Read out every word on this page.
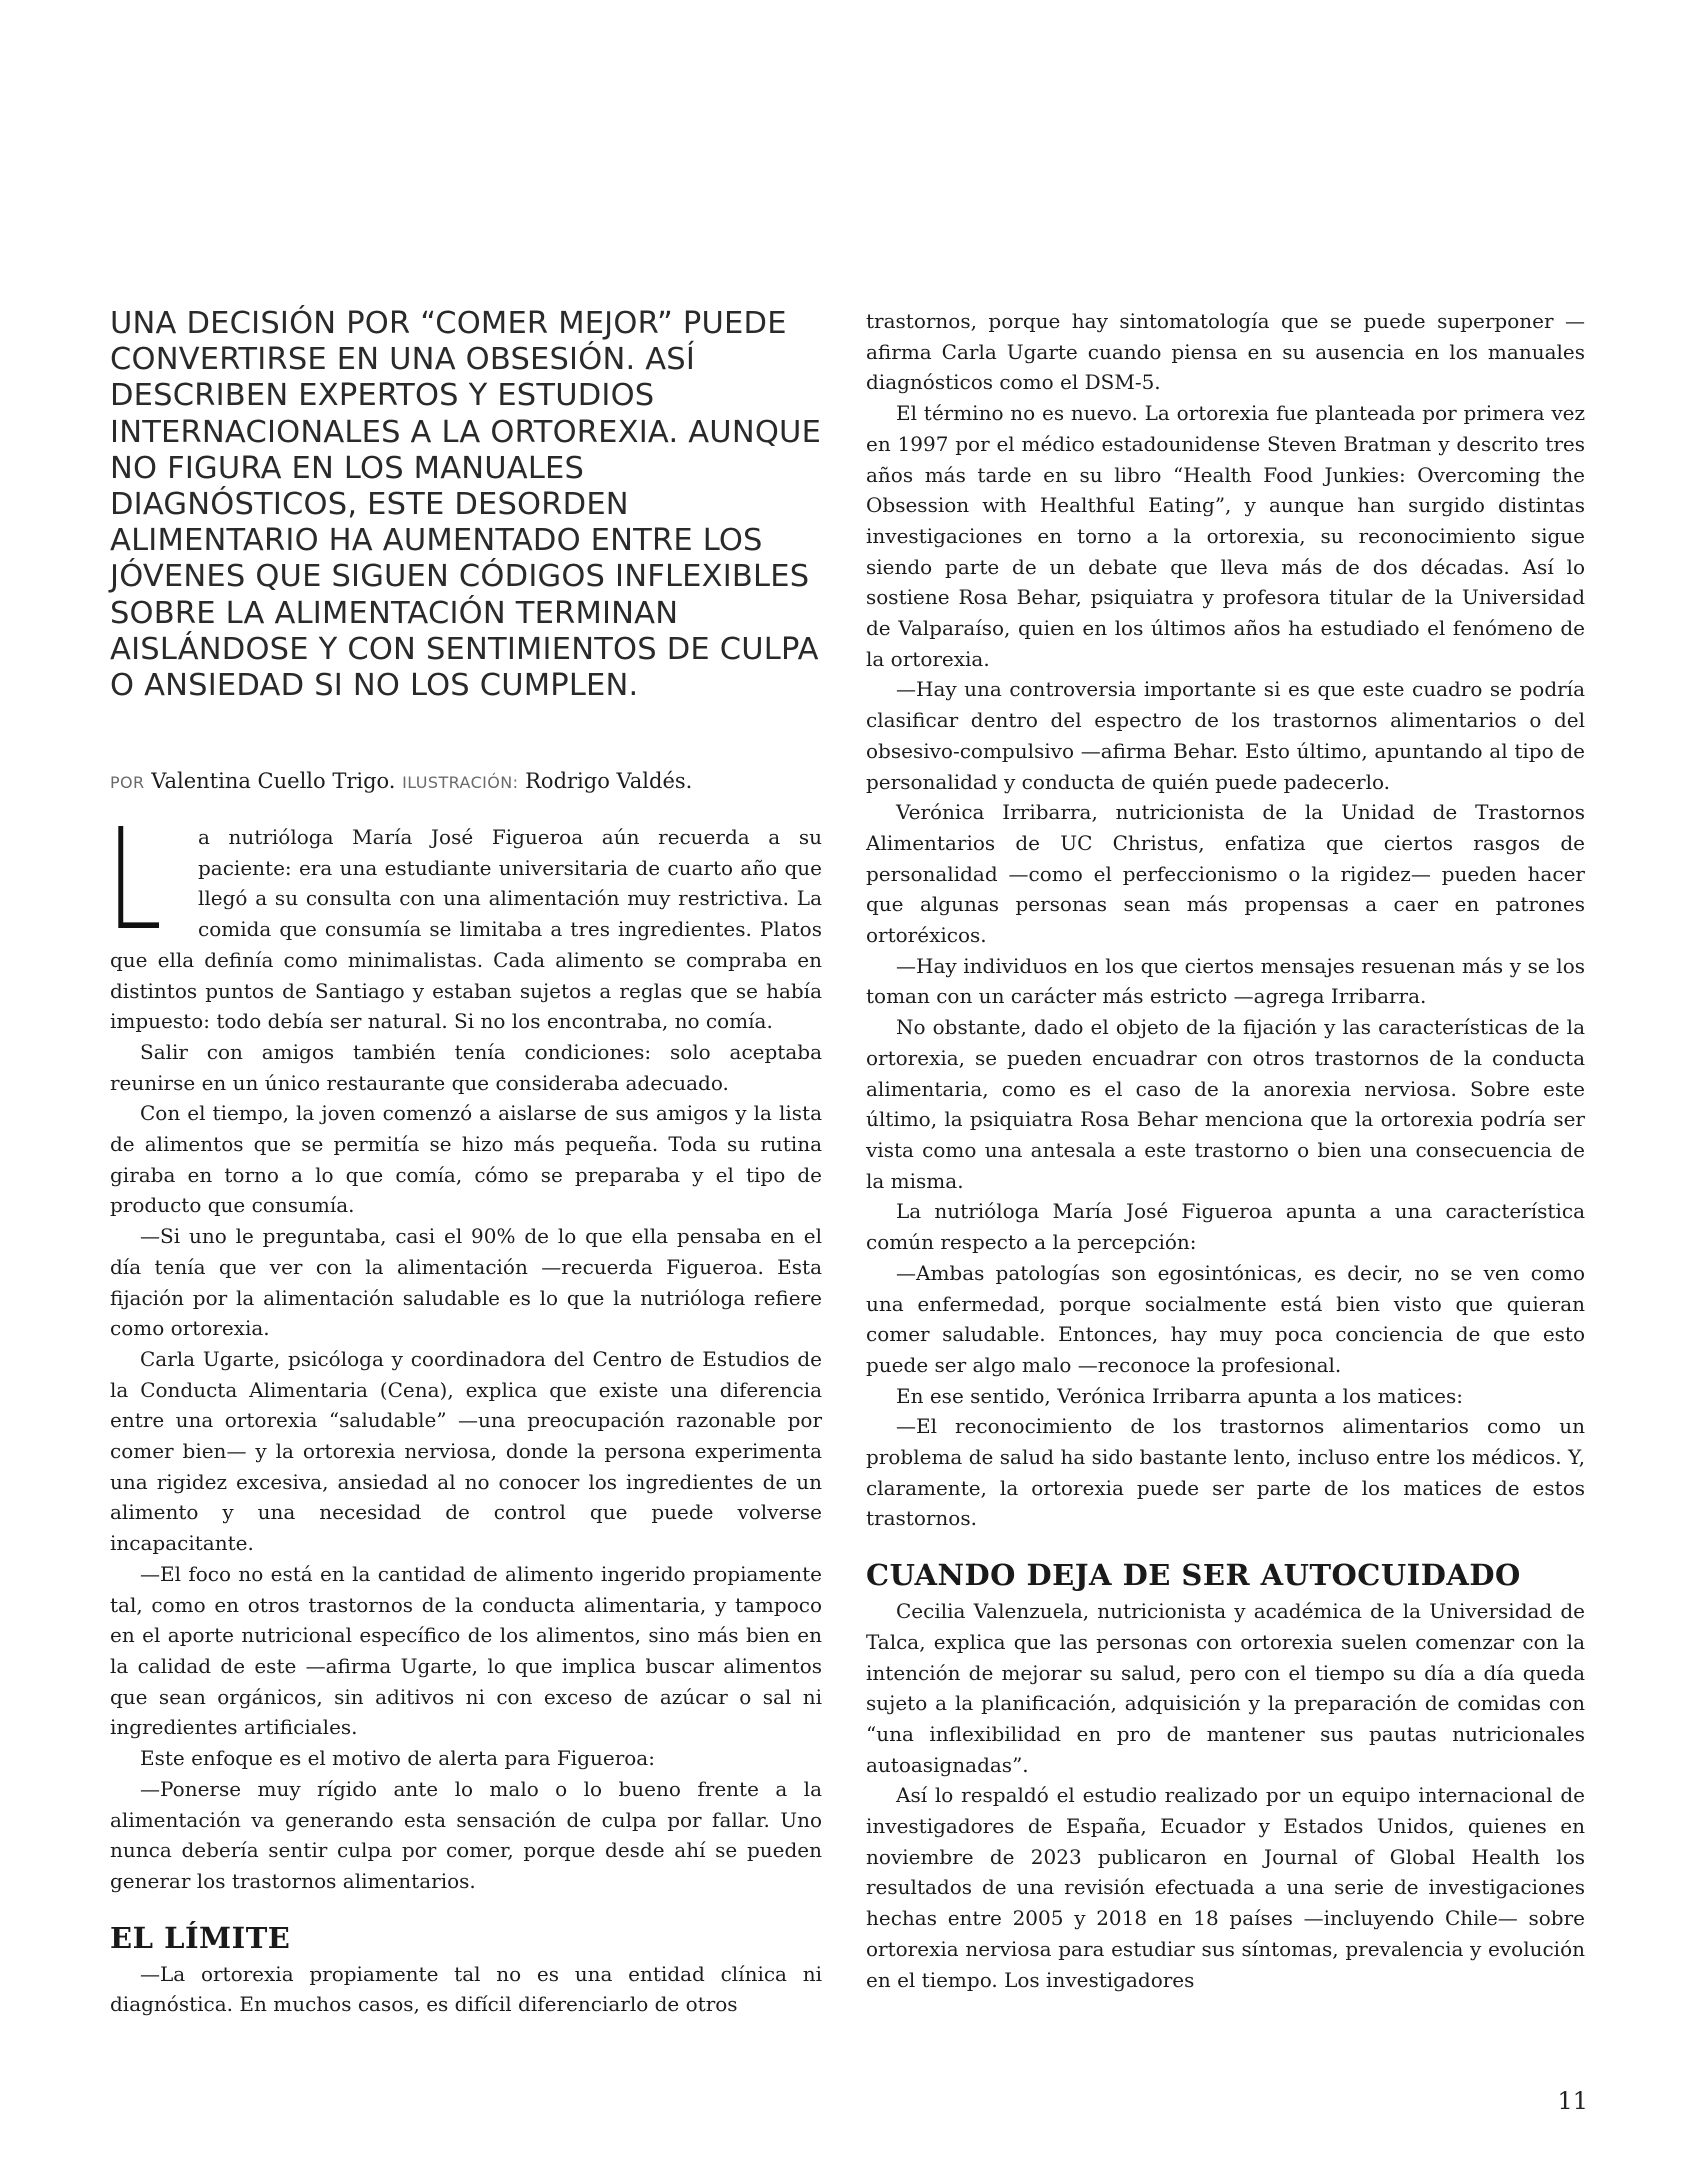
UNA DECISIÓN POR “COMER MEJOR” PUEDE CONVERTIRSE EN UNA OBSESIÓN. ASÍ DESCRIBEN EXPERTOS Y ESTUDIOS INTERNACIONALES A LA ORTOREXIA. AUNQUE NO FIGURA EN LOS MANUALES DIAGNÓSTICOS, ESTE DESORDEN ALIMENTARIO HA AUMENTADO ENTRE LOS JÓVENES QUE SIGUEN CÓDIGOS INFLEXIBLES SOBRE LA ALIMENTACIÓN TERMINAN AISLÁNDOSE Y CON SENTIMIENTOS DE CULPA O ANSIEDAD SI NO LOS CUMPLEN.
POR Valentina Cuello Trigo. ILUSTRACIÓN: Rodrigo Valdés.

L a nutrióloga María José Figueroa aún recuerda a su paciente: era una estudiante universitaria de cuarto año que llegó a su consulta con una alimentación muy restrictiva. La comida que consumía se limitaba a tres ingredientes. Platos que ella definía como minimalistas. Cada alimento se compraba en distintos puntos de Santiago y estaban sujetos a reglas que se había impuesto: todo debía ser natural. Si no los encontraba, no comía.

Salir con amigos también tenía condiciones: solo aceptaba reunirse en un único restaurante que consideraba adecuado.

Con el tiempo, la joven comenzó a aislarse de sus amigos y la lista de alimentos que se permitía se hizo más pequeña. Toda su rutina giraba en torno a lo que comía, cómo se preparaba y el tipo de producto que consumía.

—Si uno le preguntaba, casi el 90% de lo que ella pensaba en el día tenía que ver con la alimentación —recuerda Figueroa. Esta fijación por la alimentación saludable es lo que la nutrióloga refiere como ortorexia.

Carla Ugarte, psicóloga y coordinadora del Centro de Estudios de la Conducta Alimentaria (Cena), explica que existe una diferencia entre una ortorexia “saludable” —una preocupación razonable por comer bien— y la ortorexia nerviosa, donde la persona experimenta una rigidez excesiva, ansiedad al no conocer los ingredientes de un alimento y una necesidad de control que puede volverse incapacitante.

—El foco no está en la cantidad de alimento ingerido propiamente tal, como en otros trastornos de la conducta alimentaria, y tampoco en el aporte nutricional específico de los alimentos, sino más bien en la calidad de este —afirma Ugarte, lo que implica buscar alimentos que sean orgánicos, sin aditivos ni con exceso de azúcar o sal ni ingredientes artificiales.

Este enfoque es el motivo de alerta para Figueroa:

—Ponerse muy rígido ante lo malo o lo bueno frente a la alimentación va generando esta sensación de culpa por fallar. Uno nunca debería sentir culpa por comer, porque desde ahí se pueden generar los trastornos alimentarios.

EL LÍMITE

—La ortorexia propiamente tal no es una entidad clínica ni diagnóstica. En muchos casos, es difícil diferenciarlo de otros

trastornos, porque hay sintomatología que se puede superponer —afirma Carla Ugarte cuando piensa en su ausencia en los manuales diagnósticos como el DSM-5.

El término no es nuevo. La ortorexia fue planteada por primera vez en 1997 por el médico estadounidense Steven Bratman y descrito tres años más tarde en su libro “Health Food Junkies: Overcoming the Obsession with Healthful Eating”, y aunque han surgido distintas investigaciones en torno a la ortorexia, su reconocimiento sigue siendo parte de un debate que lleva más de dos décadas. Así lo sostiene Rosa Behar, psiquiatra y profesora titular de la Universidad de Valparaíso, quien en los últimos años ha estudiado el fenómeno de la ortorexia.

—Hay una controversia importante si es que este cuadro se podría clasificar dentro del espectro de los trastornos alimentarios o del obsesivo-compulsivo —afirma Behar. Esto último, apuntando al tipo de personalidad y conducta de quién puede padecerlo.

Verónica Irribarra, nutricionista de la Unidad de Trastornos Alimentarios de UC Christus, enfatiza que ciertos rasgos de personalidad —como el perfeccionismo o la rigidez— pueden hacer que algunas personas sean más propensas a caer en patrones ortoréxicos.

—Hay individuos en los que ciertos mensajes resuenan más y se los toman con un carácter más estricto —agrega Irribarra.

No obstante, dado el objeto de la fijación y las características de la ortorexia, se pueden encuadrar con otros trastornos de la conducta alimentaria, como es el caso de la anorexia nerviosa. Sobre este último, la psiquiatra Rosa Behar menciona que la ortorexia podría ser vista como una antesala a este trastorno o bien una consecuencia de la misma.

La nutrióloga María José Figueroa apunta a una característica común respecto a la percepción:

—Ambas patologías son egosintónicas, es decir, no se ven como una enfermedad, porque socialmente está bien visto que quieran comer saludable. Entonces, hay muy poca conciencia de que esto puede ser algo malo —reconoce la profesional.

En ese sentido, Verónica Irribarra apunta a los matices:

—El reconocimiento de los trastornos alimentarios como un problema de salud ha sido bastante lento, incluso entre los médicos. Y, claramente, la ortorexia puede ser parte de los matices de estos trastornos.

CUANDO DEJA DE SER AUTOCUIDADO

Cecilia Valenzuela, nutricionista y académica de la Universidad de Talca, explica que las personas con ortorexia suelen comenzar con la intención de mejorar su salud, pero con el tiempo su día a día queda sujeto a la planificación, adquisición y la preparación de comidas con “una inflexibilidad en pro de mantener sus pautas nutricionales autoasignadas”.

Así lo respaldó el estudio realizado por un equipo internacional de investigadores de España, Ecuador y Estados Unidos, quienes en noviembre de 2023 publicaron en Journal of Global Health los resultados de una revisión efectuada a una serie de investigaciones hechas entre 2005 y 2018 en 18 países —incluyendo Chile— sobre ortorexia nerviosa para estudiar sus síntomas, prevalencia y evolución en el tiempo. Los investigadores

11
